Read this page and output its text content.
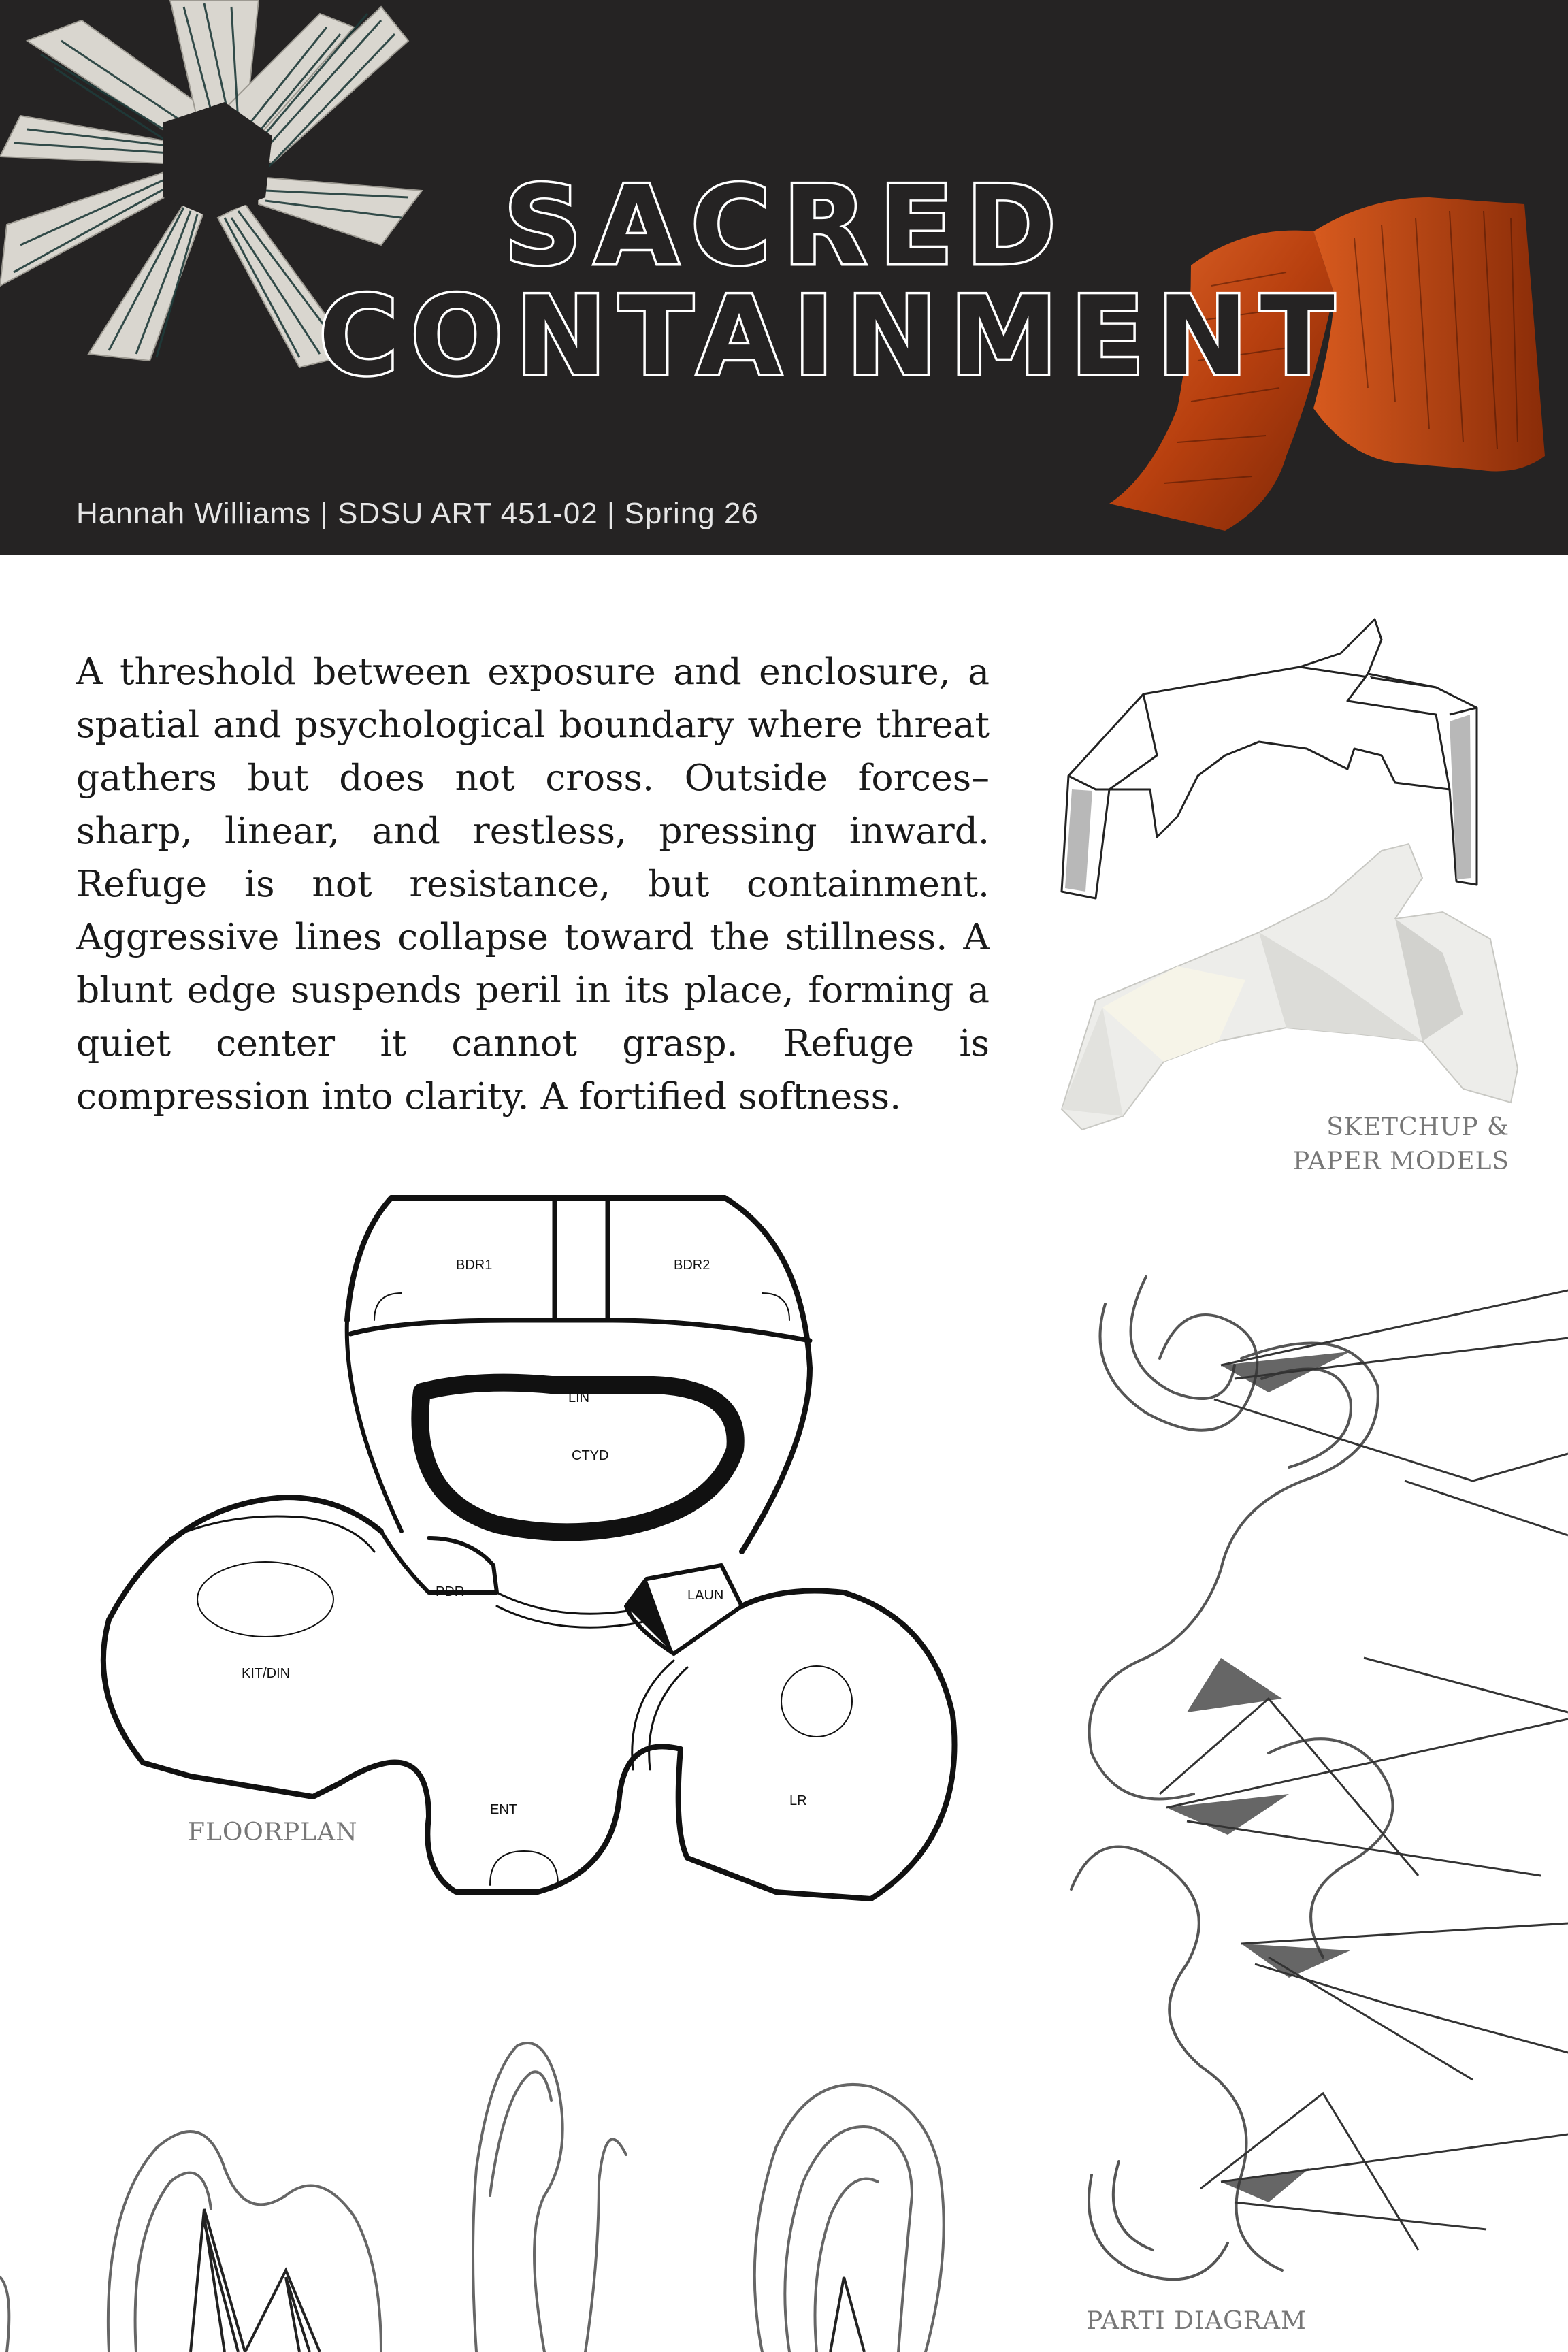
SACRED
CONTAINMENT
Hannah Williams | SDSU ART 451-02 | Spring 26
A threshold between exposure and enclosure, a spatial and psychological boundary where threat gathers but does not cross. Outside forces–sharp, linear, and restless, pressing inward. Refuge is not resistance, but containment. Aggressive lines collapse toward the stillness. A blunt edge suspends peril in its place, forming a quiet center it cannot grasp. Refuge is compression into clarity. A fortified softness.
SKETCHUP &
PAPER MODELS
BDR1	BDR2
LIN
CTYD
PDR	LAUN
KIT/DIN
ENT
LR
FLOORPLAN
PARTI DIAGRAM
